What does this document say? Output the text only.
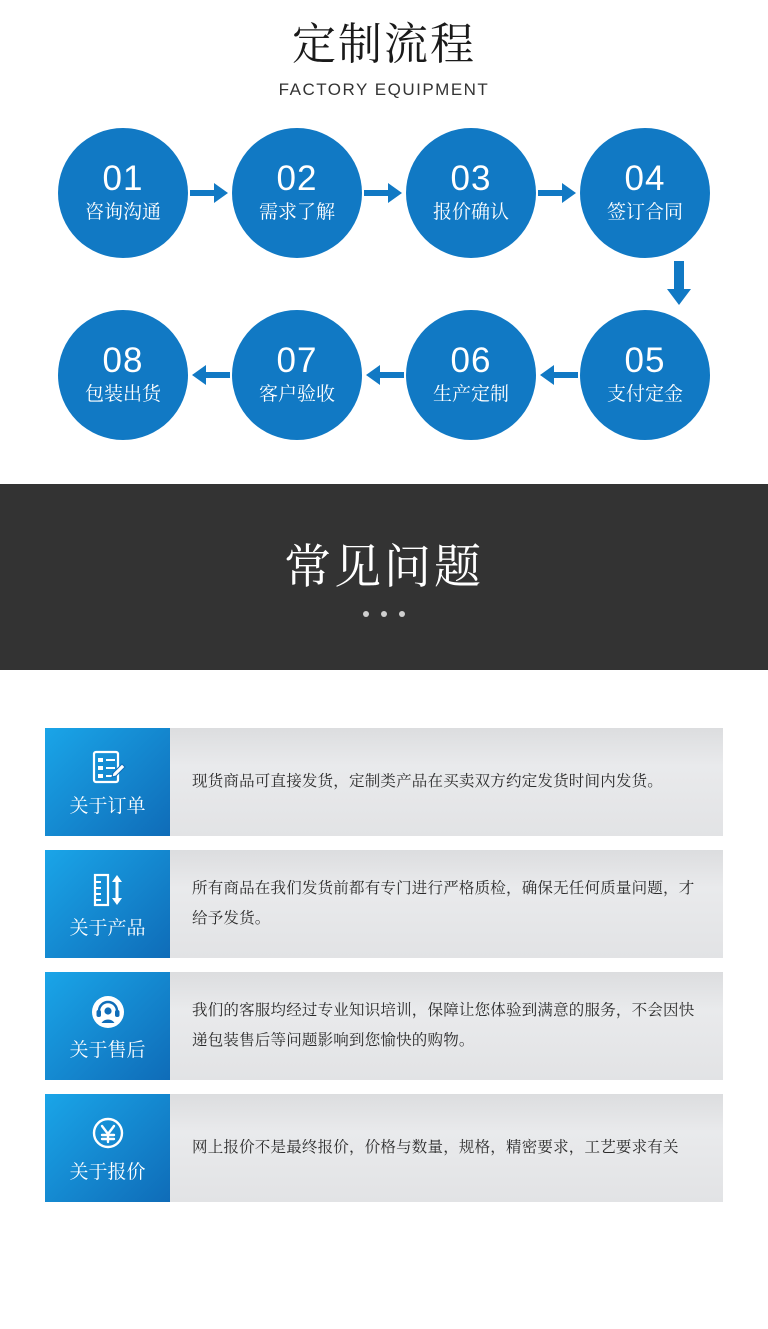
定制流程

FACTORY EQUIPMENT

01
咨询沟通
02
需求了解
03
报价确认
04
签订合同
08
包装出货
07
客户验收
06
生产定制
05
支付定金
常见问题
关于订单

现货商品可直接发货，定制类产品在买卖双方约定发货时间内发货。

关于产品

所有商品在我们发货前都有专门进行严格质检，确保无任何质量问题，才给予发货。

关于售后

我们的客服均经过专业知识培训，保障让您体验到满意的服务，不会因快递包装售后等问题影响到您愉快的购物。

关于报价

网上报价不是最终报价，价格与数量，规格，精密要求，工艺要求有关
